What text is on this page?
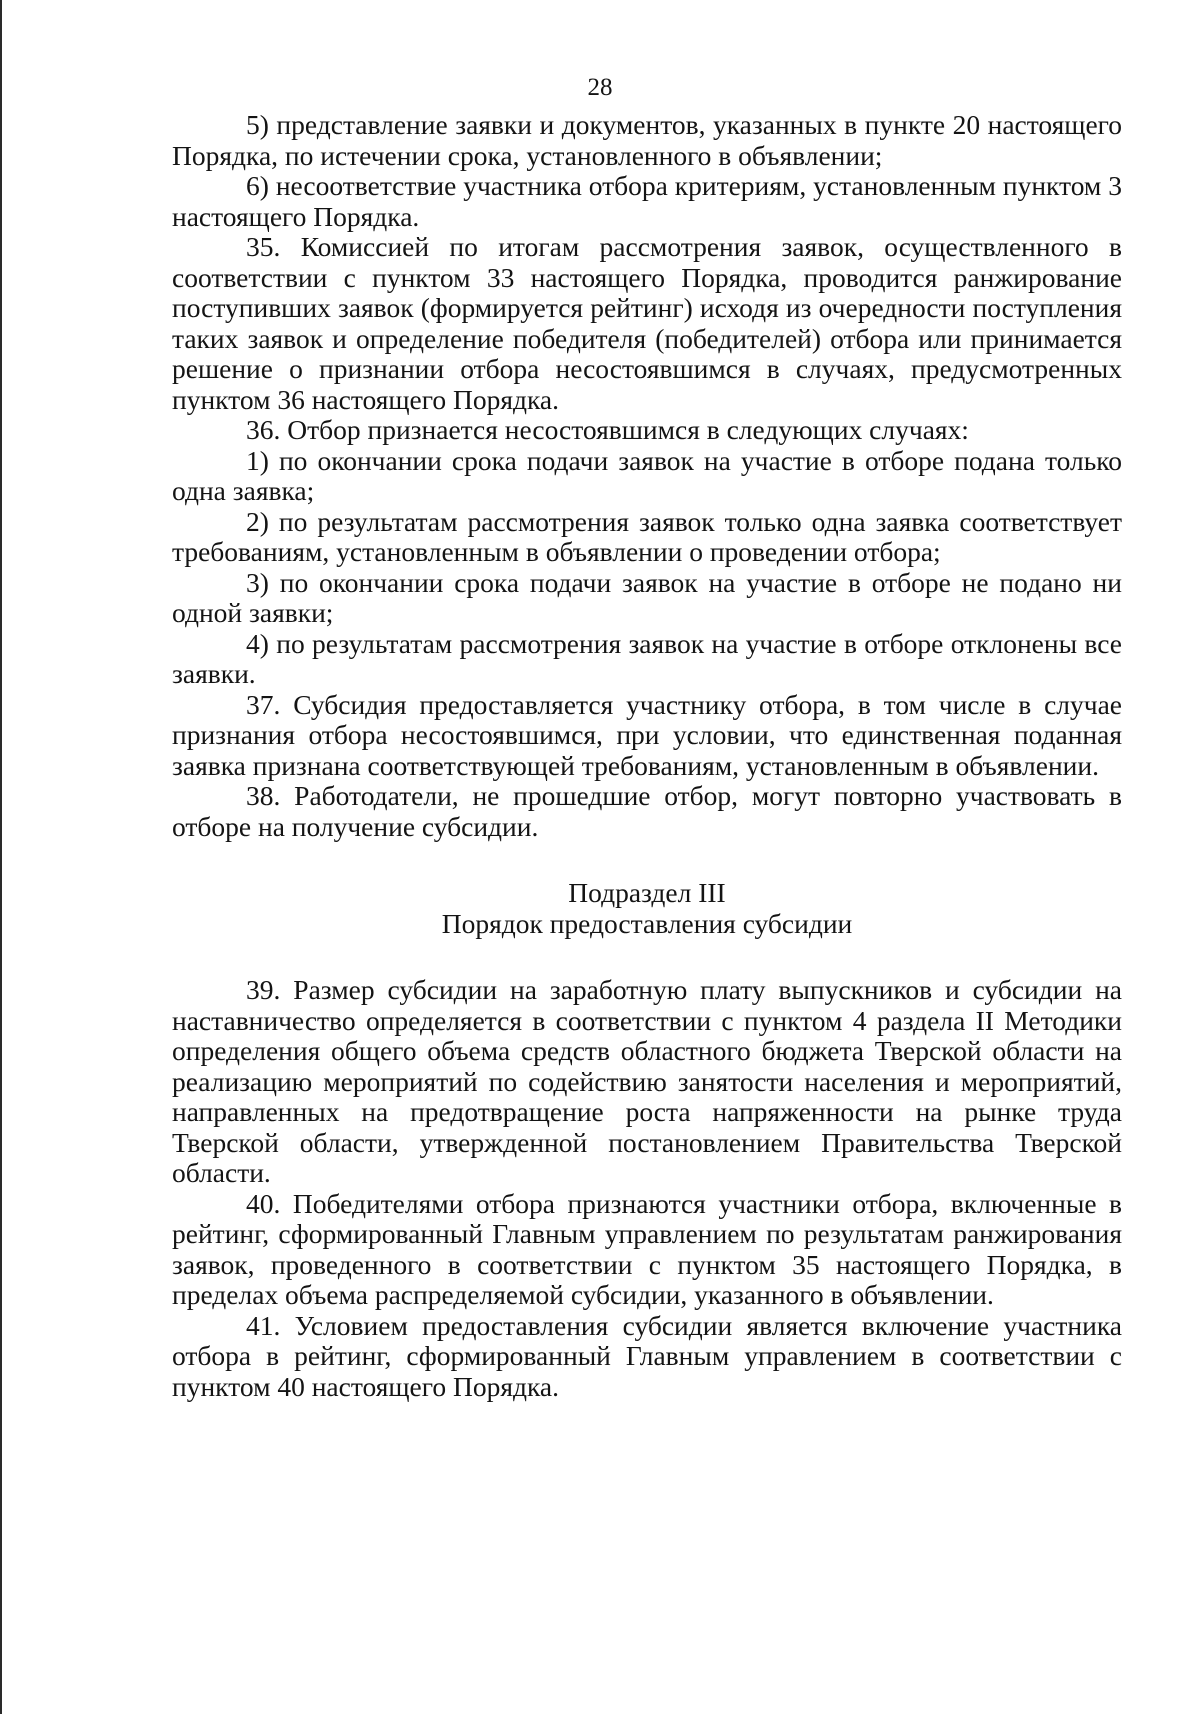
28

5) представление заявки и документов, указанных в пункте 20 настоящего Порядка, по истечении срока, установленного в объявлении;

6) несоответствие участника отбора критериям, установленным пунктом 3 настоящего Порядка.

35. Комиссией по итогам рассмотрения заявок, осуществленного в соответствии с пунктом 33 настоящего Порядка, проводится ранжирование поступивших заявок (формируется рейтинг) исходя из очередности поступления таких заявок и определение победителя (победителей) отбора или принимается решение о признании отбора несостоявшимся в случаях, предусмотренных пунктом 36 настоящего Порядка.

36. Отбор признается несостоявшимся в следующих случаях:

1) по окончании срока подачи заявок на участие в отборе подана только одна заявка;

2) по результатам рассмотрения заявок только одна заявка соответствует требованиям, установленным в объявлении о проведении отбора;

3) по окончании срока подачи заявок на участие в отборе не подано ни одной заявки;

4) по результатам рассмотрения заявок на участие в отборе отклонены все заявки.

37. Субсидия предоставляется участнику отбора, в том числе в случае признания отбора несостоявшимся, при условии, что единственная поданная заявка признана соответствующей требованиям, установленным в объявлении.

38. Работодатели, не прошедшие отбор, могут повторно участвовать в отборе на получение субсидии.

Подраздел III

Порядок предоставления субсидии

39. Размер субсидии на заработную плату выпускников и субсидии на наставничество определяется в соответствии с пунктом 4 раздела II Методики определения общего объема средств областного бюджета Тверской области на реализацию мероприятий по содействию занятости населения и мероприятий, направленных на предотвращение роста напряженности на рынке труда Тверской области, утвержденной постановлением Правительства Тверской области.

40. Победителями отбора признаются участники отбора, включенные в рейтинг, сформированный Главным управлением по результатам ранжирования заявок, проведенного в соответствии с пунктом 35 настоящего Порядка, в пределах объема распределяемой субсидии, указанного в объявлении.

41. Условием предоставления субсидии является включение участника отбора в рейтинг, сформированный Главным управлением в соответствии с пунктом 40 настоящего Порядка.
